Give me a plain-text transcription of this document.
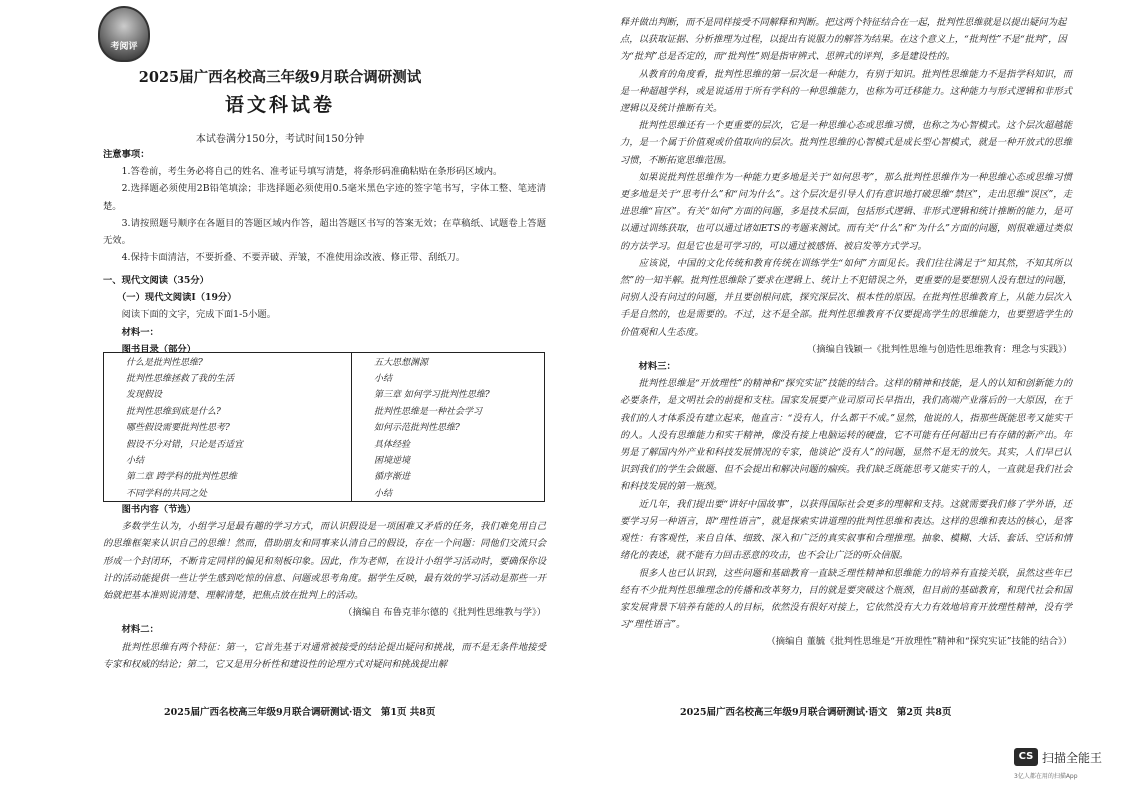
考阅评
2025届广西名校高三年级9月联合调研测试
语文科试卷
本试卷满分150分，考试时间150分钟

注意事项：

1.答卷前，考生务必将自己的姓名、准考证号填写清楚，将条形码准确粘贴在条形码区域内。

2.选择题必须使用2B铅笔填涂；非选择题必须使用0.5毫米黑色字迹的签字笔书写，字体工整、笔迹清楚。

3.请按照题号顺序在各题目的答题区域内作答，超出答题区书写的答案无效；在草稿纸、试题卷上答题无效。

4.保持卡面清洁，不要折叠、不要弄破、弄皱，不准使用涂改液、修正带、刮纸刀。

一、现代文阅读（35分）

（一）现代文阅读Ⅰ（19分）

阅读下面的文字，完成下面1-5小题。

材料一：

图书目录（部分）

什么是批判性思维?	五大思想渊源
批判性思维拯救了我的生活	小结
发现假设	第三章 如何学习批判性思维?
批判性思维到底是什么?	批判性思维是一种社会学习
哪些假设需要批判性思考?	如何示范批判性思维?
假设不分对错，只论是否适宜	具体经验
小结	困境逆境
第二章 跨学科的批判性思维	循序渐进
不同学科的共同之处	小结

图书内容（节选）

多数学生认为，小组学习是最有趣的学习方式，而认识假设是一项困难又矛盾的任务，我们难免用自己的思维框架来认识自己的思维！然而，借助朋友和同事来认清自己的假设，存在一个问题：同他们交流只会形成一个封闭环，不断肯定同样的偏见和刻板印象。因此，作为老师，在设计小组学习活动时，要确保你设计的活动能提供一些让学生感到吃惊的信息、问题或思考角度。据学生反映，最有效的学习活动是那些一开始就把基本准则说清楚、理解清楚，把焦点放在批判上的活动。

（摘编自 布鲁克菲尔德的《批判性思维教与学》）

材料二：

批判性思维有两个特征：第一，它首先基于对通常被接受的结论提出疑问和挑战，而不是无条件地接受专家和权威的结论；第二，它又是用分析性和建设性的论理方式对疑问和挑战提出解

2025届广西名校高三年级9月联合调研测试·语文　第1页 共8页

释并做出判断，而不是同样接受不同解释和判断。把这两个特征结合在一起，批判性思维就是以提出疑问为起点，以获取证据、分析推理为过程，以提出有说服力的解答为结果。在这个意义上，“批判性”不是“批判”，因为“批判”总是否定的，而“批判性”则是指审辨式、思辨式的评判，多是建设性的。

从教育的角度看，批判性思维的第一层次是一种能力，有别于知识。批判性思维能力不是指学科知识，而是一种超越学科，或是说适用于所有学科的一种思维能力，也称为可迁移能力。这种能力与形式逻辑和非形式逻辑以及统计推断有关。

批判性思维还有一个更重要的层次，它是一种思维心态或思维习惯，也称之为心智模式。这个层次超越能力，是一个属于价值观或价值取向的层次。批判性思维的心智模式是成长型心智模式，就是一种开放式的思维习惯，不断拓宽思维范围。

如果说批判性思维作为一种能力更多地是关于“如何思考”，那么批判性思维作为一种思维心态或思维习惯更多地是关于“思考什么”和“问为什么”。这个层次是引导人们有意识地打破思维“禁区”，走出思维“误区”，走进思维“盲区”。有关“如何”方面的问题，多是技术层面，包括形式逻辑、非形式逻辑和统计推断的能力，是可以通过训练获取，也可以通过诸如ETS的考题来测试。而有关“什么”和“为什么”方面的问题，则很难通过类似的方法学习。但是它也是可学习的，可以通过被感悟、被启发等方式学习。

应该说，中国的文化传统和教育传统在训练学生“如何”方面见长。我们往往满足于“知其然，不知其所以然”的一知半解。批判性思维除了要求在逻辑上、统计上不犯错误之外，更重要的是要想别人没有想过的问题，问别人没有问过的问题，并且要创根问底，探究深层次、根本性的原因。在批判性思维教育上，从能力层次入手是自然的，也是需要的。不过，这不是全部。批判性思维教育不仅要提高学生的思维能力，也要塑造学生的价值观和人生态度。

（摘编自钱颖一《批判性思维与创造性思维教育：理念与实践》）

材料三：

批判性思维是“开放理性”的精神和“探究实证”技能的结合。这样的精神和技能，是人的认知和创新能力的必要条件，是文明社会的前提和支柱。国家发展要产业司原司长早指出，我们高端产业落后的一大原因，在于我们的人才体系没有建立起来，他直言：“没有人，什么都干不成。”显然，他说的人，指那些既能思考又能实干的人。人没有思维能力和实干精神，像没有接上电脑运转的硬盘，它不可能有任何超出已有存储的新产出。年男是了解国内外产业和科技发展情况的专家，他谈论“没有人”的问题，显然不是无的放矢。其实，人们早已认识到我们的学生会做题、但不会提出和解决问题的痼疾。我们缺乏既能思考又能实干的人，一直就是我们社会和科技发展的第一瓶颈。

近几年，我们提出要“讲好中国故事”，以获得国际社会更多的理解和支持。这就需要我们修了学外语，还要学习另一种语言，即“理性语言”，就是探索实讲道理的批判性思维和表达。这样的思维和表达的核心，是客观性：有客观性，来自自体、细致、深入和广泛的真实叙事和合理推理。抽象、模糊、大话、套话、空话和情绪化的表述，就不能有力回击恶意的攻击，也不会让广泛的听众信服。

很多人也已认识到，这些问题和基础教育一直缺乏理性精神和思维能力的培养有直接关联，虽然这些年已经有不少批判性思维理念的传播和改革努力，目的就是要突破这个瓶颈，但目前的基础教育，和现代社会和国家发展背景下培养有能的人的目标，依然没有很好对接上，它依然没有大力有效地培育开放理性精神，没有学习“理性语言”。

（摘编自 董毓《批判性思维是“开放理性”精神和“探究实证”技能的结合》）

2025届广西名校高三年级9月联合调研测试·语文　第2页 共8页
CS 扫描全能王
3亿人都在用的扫描App
